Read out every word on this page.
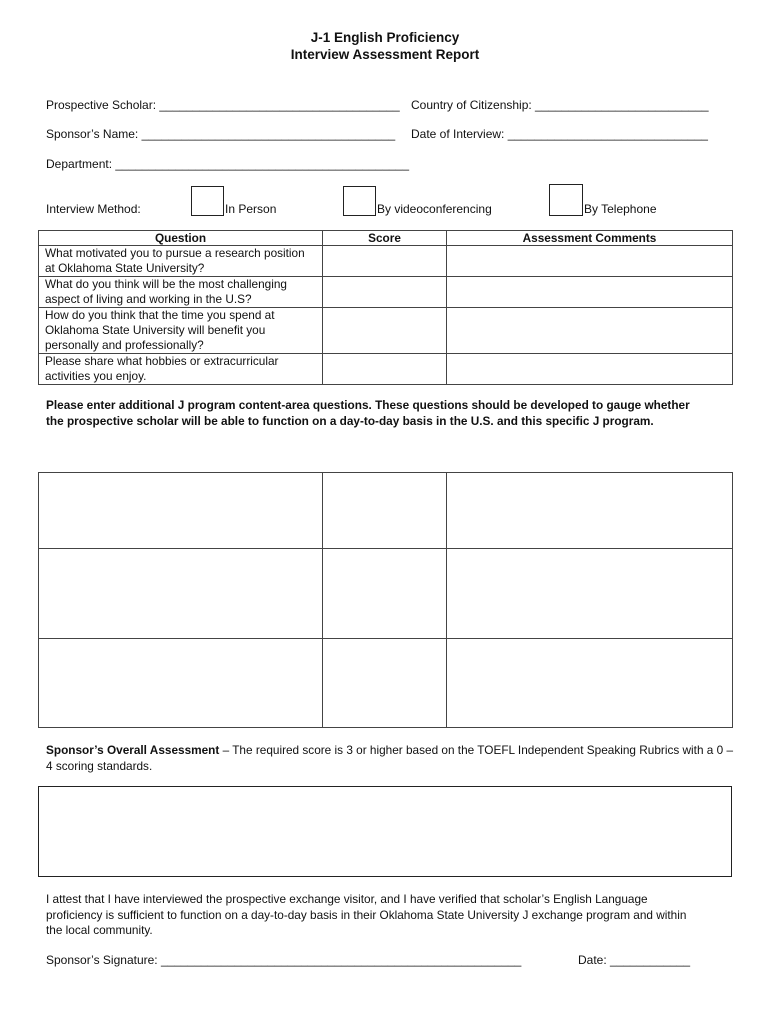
J-1 English Proficiency
Interview Assessment Report
Prospective Scholar: ____________________________________ Country of Citizenship: __________________________
Sponsor’s Name: ______________________________________ Date of Interview: ______________________________
Department: ____________________________________________
Interview Method:	In Person	By videoconferencing	By Telephone
Question	Score	Assessment Comments
What motivated you to pursue a research position at Oklahoma State University?		
What do you think will be the most challenging aspect of living and working in the U.S?		
How do you think that the time you spend at Oklahoma State University will benefit you personally and professionally?		
Please share what hobbies or extracurricular activities you enjoy.		
Please enter additional J program content-area questions. These questions should be developed to gauge whether the prospective scholar will be able to function on a day-to-day basis in the U.S. and this specific J program.

Sponsor’s Overall Assessment – The required score is 3 or higher based on the TOEFL Independent Speaking Rubrics with a 0 – 4 scoring standards.
I attest that I have interviewed the prospective exchange visitor, and I have verified that scholar’s English Language proficiency is sufficient to function on a day-to-day basis in their Oklahoma State University J exchange program and within the local community.
Sponsor’s Signature: ______________________________________________________	Date: ____________
